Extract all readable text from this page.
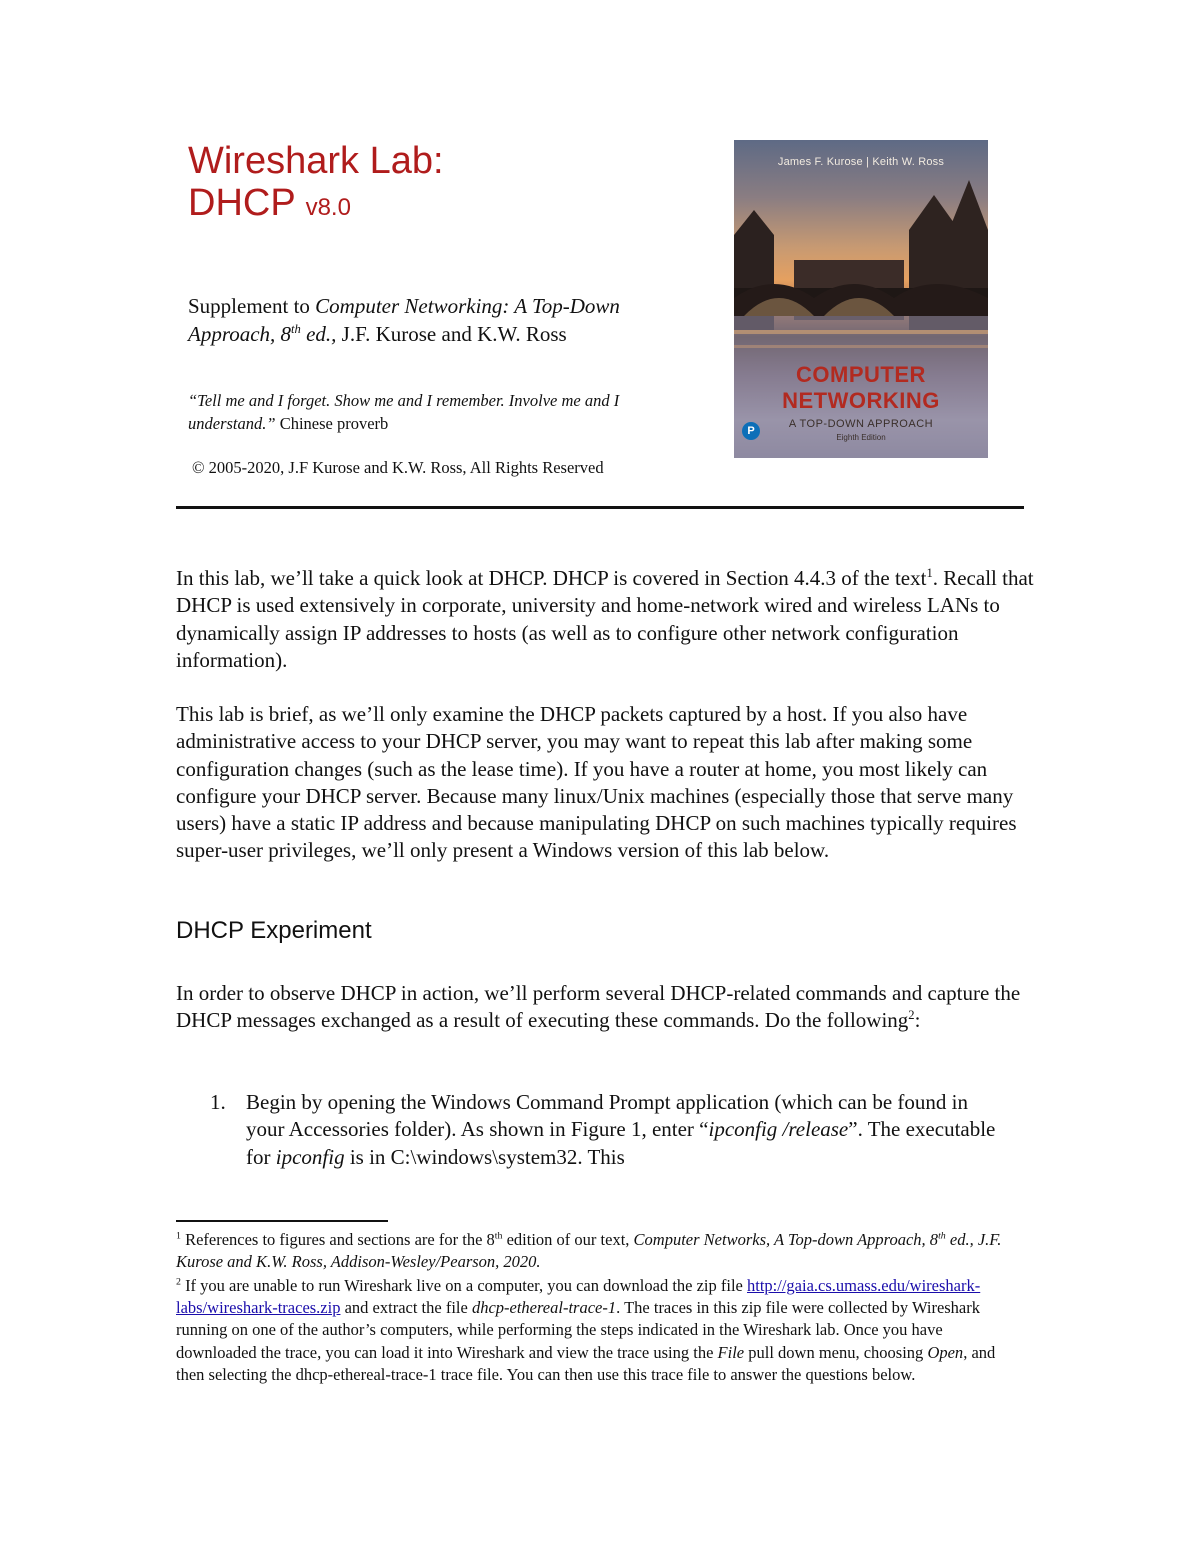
Wireshark Lab:
DHCP v8.0
Supplement to Computer Networking: A Top-Down Approach, 8th ed., J.F. Kurose and K.W. Ross
“Tell me and I forget. Show me and I remember. Involve me and I understand.” Chinese proverb
© 2005-2020, J.F Kurose and K.W. Ross, All Rights Reserved
James F. Kurose | Keith W. Ross
COMPUTER
NETWORKING
A TOP-DOWN APPROACH
Eighth Edition
P

In this lab, we’ll take a quick look at DHCP. DHCP is covered in Section 4.4.3 of the text$^1$. Recall that DHCP is used extensively in corporate, university and home-network wired and wireless LANs to dynamically assign IP addresses to hosts (as well as to configure other network configuration information).

This lab is brief, as we’ll only examine the DHCP packets captured by a host. If you also have administrative access to your DHCP server, you may want to repeat this lab after making some configuration changes (such as the lease time). If you have a router at home, you most likely can configure your DHCP server. Because many linux/Unix machines (especially those that serve many users) have a static IP address and because manipulating DHCP on such machines typically requires super-user privileges, we’ll only present a Windows version of this lab below.

DHCP Experiment

In order to observe DHCP in action, we’ll perform several DHCP-related commands and capture the DHCP messages exchanged as a result of executing these commands. Do the following$^2$:

1. Begin by opening the Windows Command Prompt application (which can be found in your Accessories folder). As shown in Figure 1, enter “ipconfig /release”. The executable for ipconfig is in C:\windows\system32. This

$^1$ References to figures and sections are for the 8th edition of our text, Computer Networks, A Top-down Approach, 8th ed., J.F. Kurose and K.W. Ross, Addison-Wesley/Pearson, 2020.

$^2$ If you are unable to run Wireshark live on a computer, you can download the zip file http://gaia.cs.umass.edu/wireshark-labs/wireshark-traces.zip and extract the file dhcp-ethereal-trace-1. The traces in this zip file were collected by Wireshark running on one of the author’s computers, while performing the steps indicated in the Wireshark lab. Once you have downloaded the trace, you can load it into Wireshark and view the trace using the File pull down menu, choosing Open, and then selecting the dhcp-ethereal-trace-1 trace file. You can then use this trace file to answer the questions below.
